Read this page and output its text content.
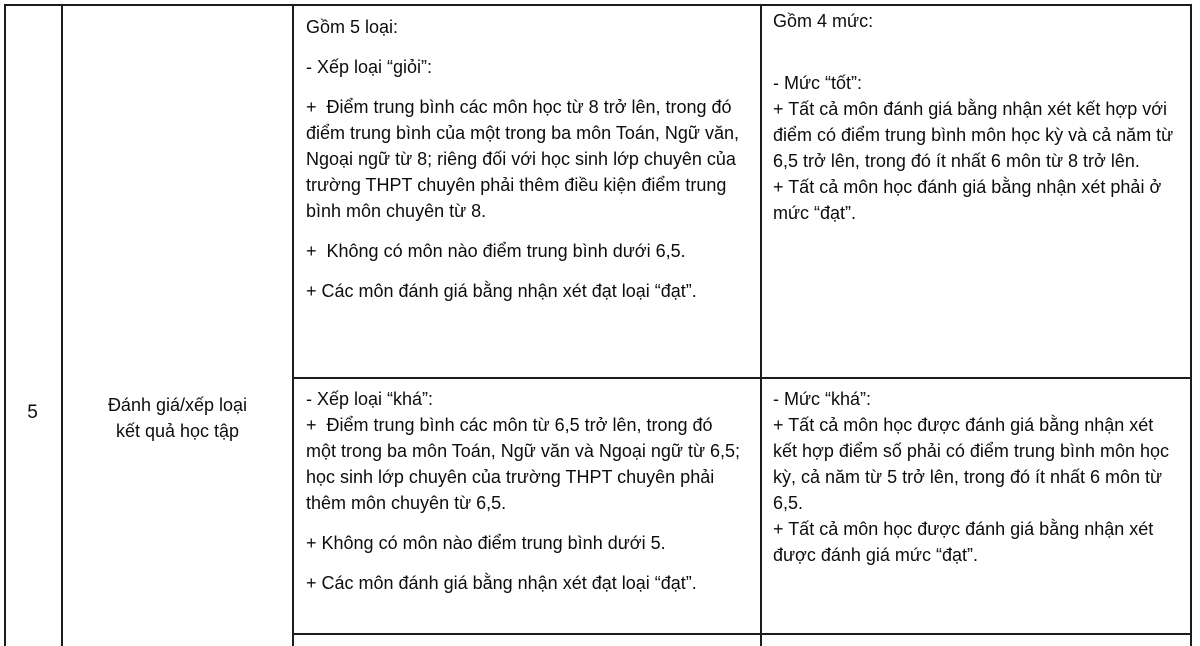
5	Đánh giá/xếp loại
kết quả học tập

Gồm 5 loại:

- Xếp loại “giỏi”:

+  Điểm trung bình các môn học từ 8 trở lên, trong đó điểm trung bình của một trong ba môn Toán, Ngữ văn, Ngoại ngữ từ 8; riêng đối với học sinh lớp chuyên của trường THPT chuyên phải thêm điều kiện điểm trung bình môn chuyên từ 8.

+  Không có môn nào điểm trung bình dưới 6,5.

+ Các môn đánh giá bằng nhận xét đạt loại “đạt”.

- Xếp loại “khá”:

+  Điểm trung bình các môn từ 6,5 trở lên, trong đó một trong ba môn Toán, Ngữ văn và Ngoại ngữ từ 6,5; học sinh lớp chuyên của trường THPT chuyên phải thêm môn chuyên từ 6,5.

+ Không có môn nào điểm trung bình dưới 5.

+ Các môn đánh giá bằng nhận xét đạt loại “đạt”.

Gồm 4 mức:

- Mức “tốt”:

+ Tất cả môn đánh giá bằng nhận xét kết hợp với điểm có điểm trung bình môn học kỳ và cả năm từ 6,5 trở lên, trong đó ít nhất 6 môn từ 8 trở lên.

+ Tất cả môn học đánh giá bằng nhận xét phải ở mức “đạt”.

- Mức “khá”:

+ Tất cả môn học được đánh giá bằng nhận xét kết hợp điểm số phải có điểm trung bình môn học kỳ, cả năm từ 5 trở lên, trong đó ít nhất 6 môn từ 6,5.

+ Tất cả môn học được đánh giá bằng nhận xét được đánh giá mức “đạt”.
